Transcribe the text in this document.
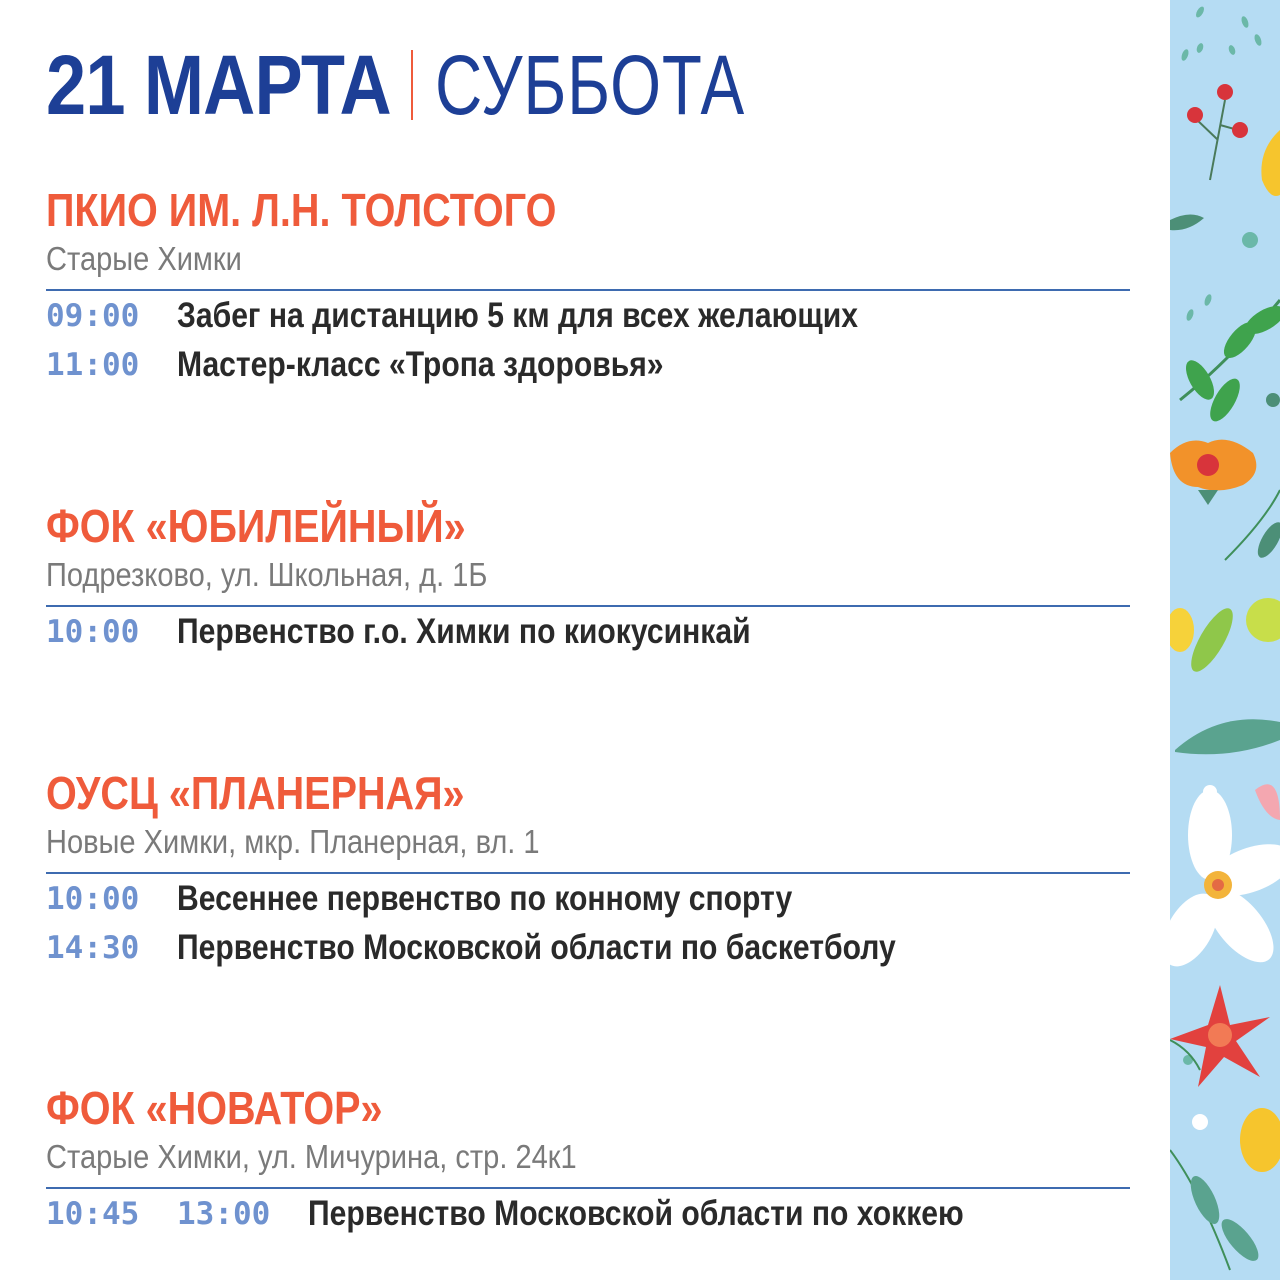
21 МАРТА СУББОТА
ПКИО ИМ. Л.Н. ТОЛСТОГО
Старые Химки
09:00	Забег на дистанцию 5 км для всех желающих
11:00	Мастер-класс «Тропа здоровья»
ФОК «ЮБИЛЕЙНЫЙ»
Подрезково, ул. Школьная, д. 1Б
10:00	Первенство г.о. Химки по киокусинкай
ОУСЦ «ПЛАНЕРНАЯ»
Новые Химки, мкр. Планерная, вл. 1
10:00	Весеннее первенство по конному спорту
14:30	Первенство Московской области по баскетболу
ФОК «НОВАТОР»
Старые Химки, ул. Мичурина, стр. 24к1
10:45	13:00	Первенство Московской области по хоккею
